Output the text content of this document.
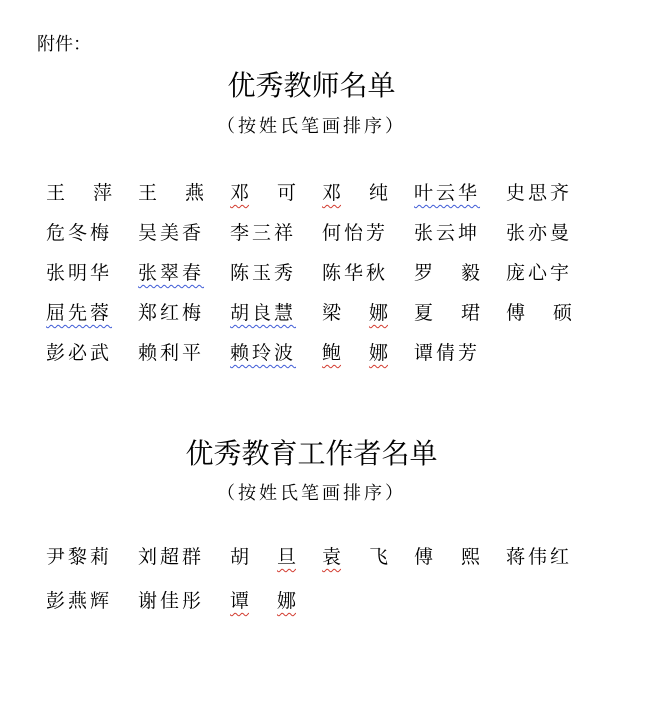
附件：
优秀教师名单
（按姓氏笔画排序）
王 萍 王 燕 邓 可 邓 纯 叶云华 史思齐
危冬梅 吴美香 李三祥 何怡芳 张云坤 张亦曼
张明华 张翠春 陈玉秀 陈华秋 罗 毅 庞心宇
屈先蓉 郑红梅 胡良慧 梁 娜 夏 珺 傅 硕
彭必武 赖利平 赖玲波 鲍 娜 谭倩芳
优秀教育工作者名单
（按姓氏笔画排序）
尹黎莉 刘超群 胡 旦 袁 飞 傅 熙 蒋伟红
彭燕辉 谢佳彤 谭 娜
